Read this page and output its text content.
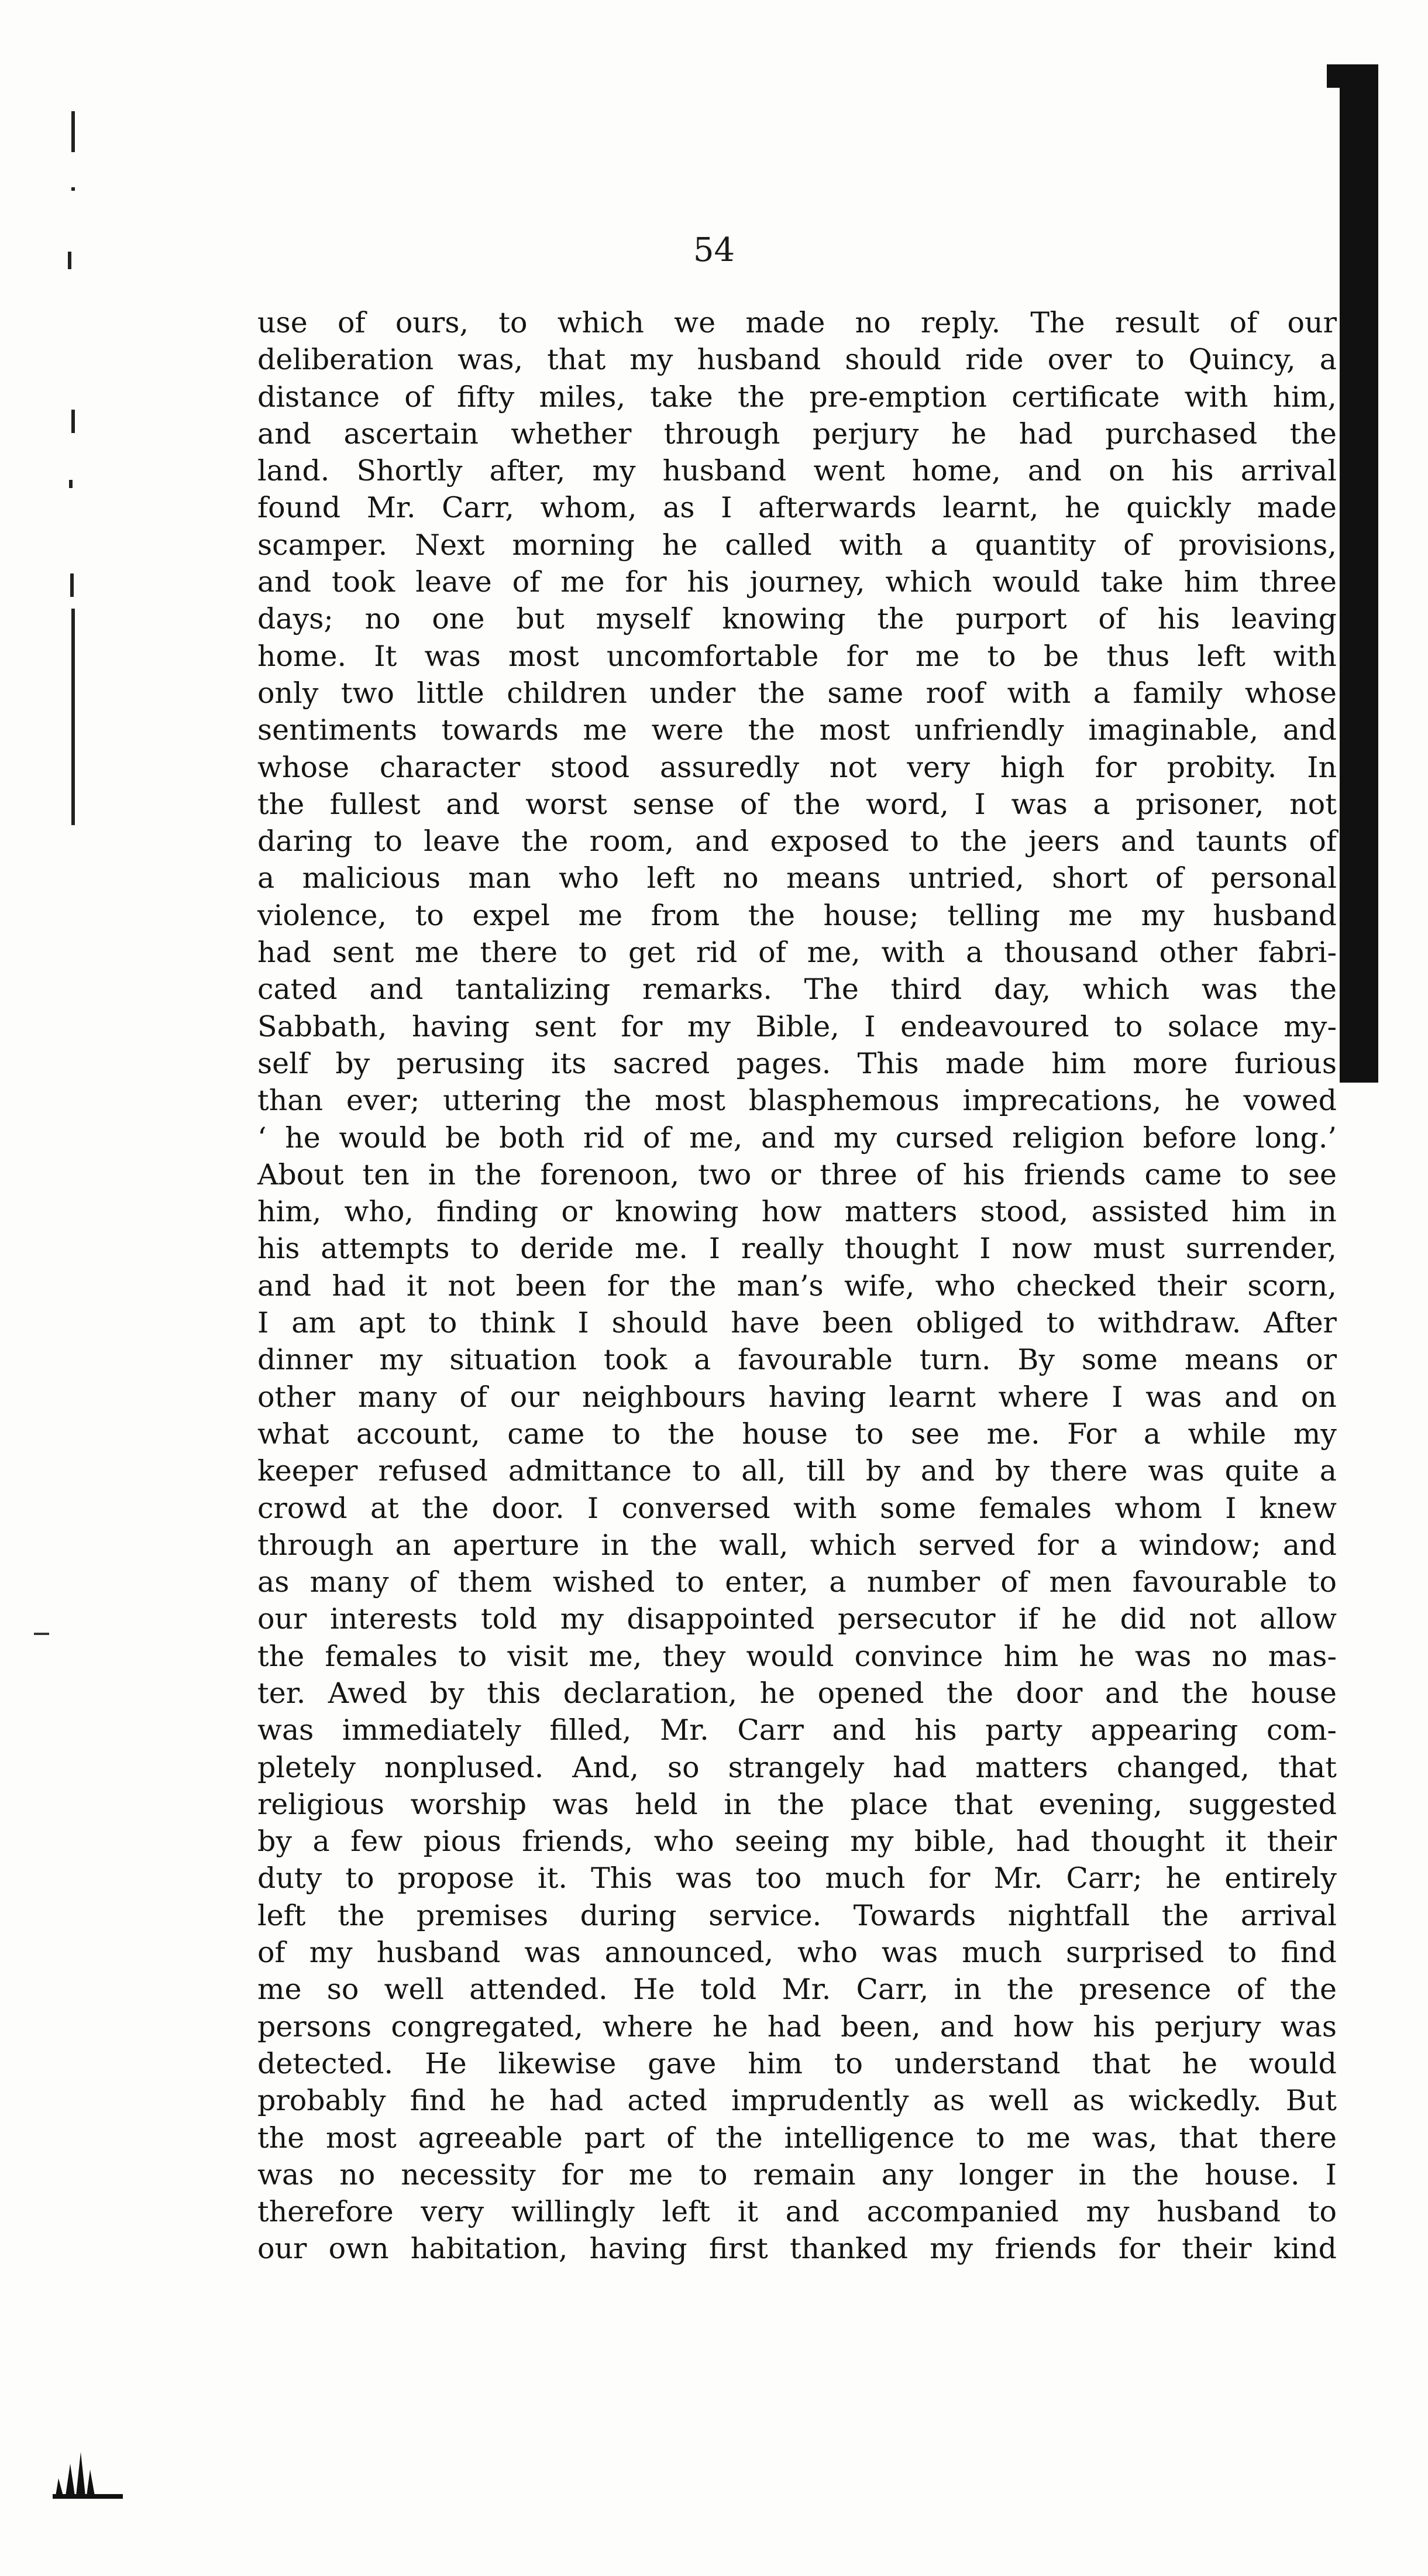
54

use of ours, to which we made no reply. The result of our
deliberation was, that my husband should ride over to Quincy, a
distance of fifty miles, take the pre-emption certificate with him,
and ascertain whether through perjury he had purchased the
land. Shortly after, my husband went home, and on his arrival
found Mr. Carr, whom, as I afterwards learnt, he quickly made
scamper. Next morning he called with a quantity of provisions,
and took leave of me for his journey, which would take him three
days; no one but myself knowing the purport of his leaving
home. It was most uncomfortable for me to be thus left with
only two little children under the same roof with a family whose
sentiments towards me were the most unfriendly imaginable, and
whose character stood assuredly not very high for probity. In
the fullest and worst sense of the word, I was a prisoner, not
daring to leave the room, and exposed to the jeers and taunts of
a malicious man who left no means untried, short of personal
violence, to expel me from the house; telling me my husband
had sent me there to get rid of me, with a thousand other fabri-
cated and tantalizing remarks. The third day, which was the
Sabbath, having sent for my Bible, I endeavoured to solace my-
self by perusing its sacred pages. This made him more furious
than ever; uttering the most blasphemous imprecations, he vowed
‘ he would be both rid of me, and my cursed religion before long.’
About ten in the forenoon, two or three of his friends came to see
him, who, finding or knowing how matters stood, assisted him in
his attempts to deride me. I really thought I now must surrender,
and had it not been for the man’s wife, who checked their scorn,
I am apt to think I should have been obliged to withdraw. After
dinner my situation took a favourable turn. By some means or
other many of our neighbours having learnt where I was and on
what account, came to the house to see me. For a while my
keeper refused admittance to all, till by and by there was quite a
crowd at the door. I conversed with some females whom I knew
through an aperture in the wall, which served for a window; and
as many of them wished to enter, a number of men favourable to
our interests told my disappointed persecutor if he did not allow
the females to visit me, they would convince him he was no mas-
ter. Awed by this declaration, he opened the door and the house
was immediately filled, Mr. Carr and his party appearing com-
pletely nonplused. And, so strangely had matters changed, that
religious worship was held in the place that evening, suggested
by a few pious friends, who seeing my bible, had thought it their
duty to propose it. This was too much for Mr. Carr; he entirely
left the premises during service. Towards nightfall the arrival
of my husband was announced, who was much surprised to find
me so well attended. He told Mr. Carr, in the presence of the
persons congregated, where he had been, and how his perjury was
detected. He likewise gave him to understand that he would
probably find he had acted imprudently as well as wickedly. But
the most agreeable part of the intelligence to me was, that there
was no necessity for me to remain any longer in the house. I
therefore very willingly left it and accompanied my husband to
our own habitation, having first thanked my friends for their kind
